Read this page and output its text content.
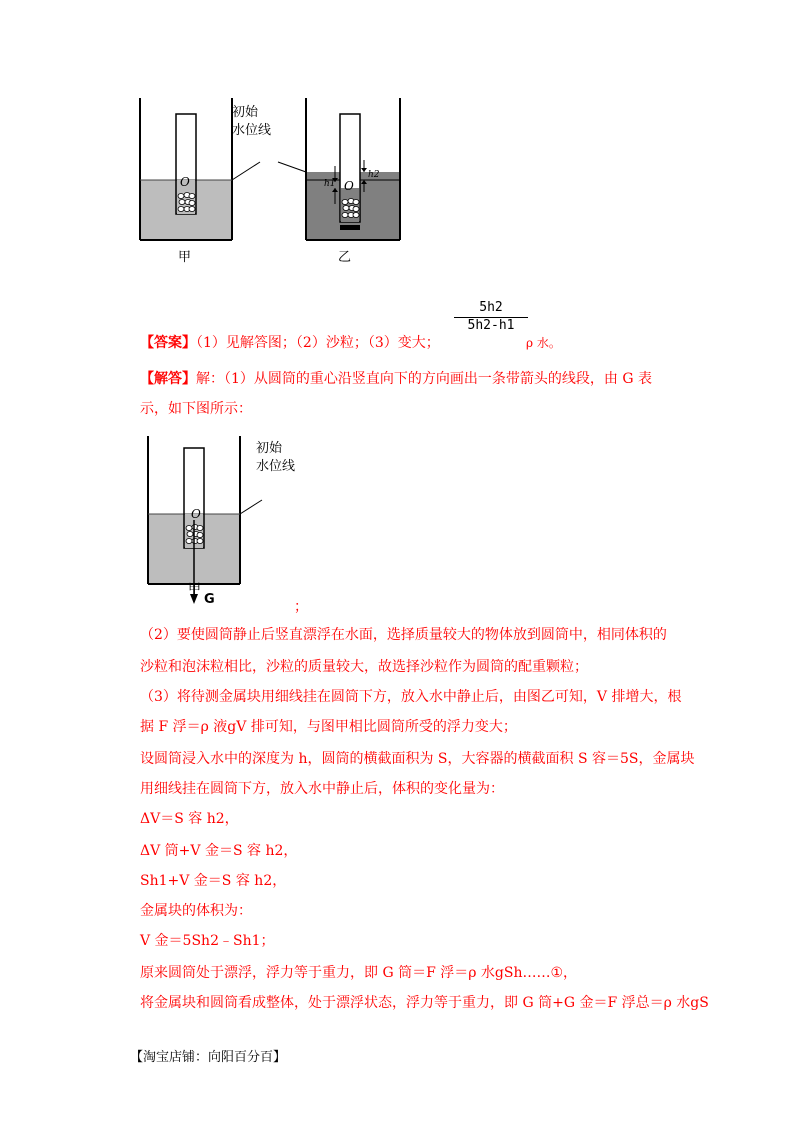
O	O
h1
h2
初始
水位线
甲	乙
【答案】（1）见解答图；（2）沙粒；（3）变大；
$\frac{5h2}{5h2-h1}$
ρ 水。
【解答】解：（1）从圆筒的重心沿竖直向下的方向画出一条带箭头的线段，由 G 表
示，如下图所示：
O
初始
水位线
甲
G	；
（2）要使圆筒静止后竖直漂浮在水面，选择质量较大的物体放到圆筒中，相同体积的
沙粒和泡沫粒相比，沙粒的质量较大，故选择沙粒作为圆筒的配重颗粒；
（3）将待测金属块用细线挂在圆筒下方，放入水中静止后，由图乙可知，V 排增大，根
据 F 浮＝ρ 液gV 排可知，与图甲相比圆筒所受的浮力变大；
设圆筒浸入水中的深度为 h，圆筒的横截面积为 S，大容器的横截面积 S 容＝5S，金属块
用细线挂在圆筒下方，放入水中静止后，体积的变化量为：
ΔV＝S 容 h2，
ΔV 筒+V 金＝S 容 h2，
Sh1+V 金＝S 容 h2，
金属块的体积为：
V 金＝5Sh2﹣Sh1；
原来圆筒处于漂浮，浮力等于重力，即 G 筒＝F 浮＝ρ 水gSh……①，
将金属块和圆筒看成整体，处于漂浮状态，浮力等于重力，即 G 筒+G 金＝F 浮总＝ρ 水gS
【淘宝店铺：向阳百分百】
